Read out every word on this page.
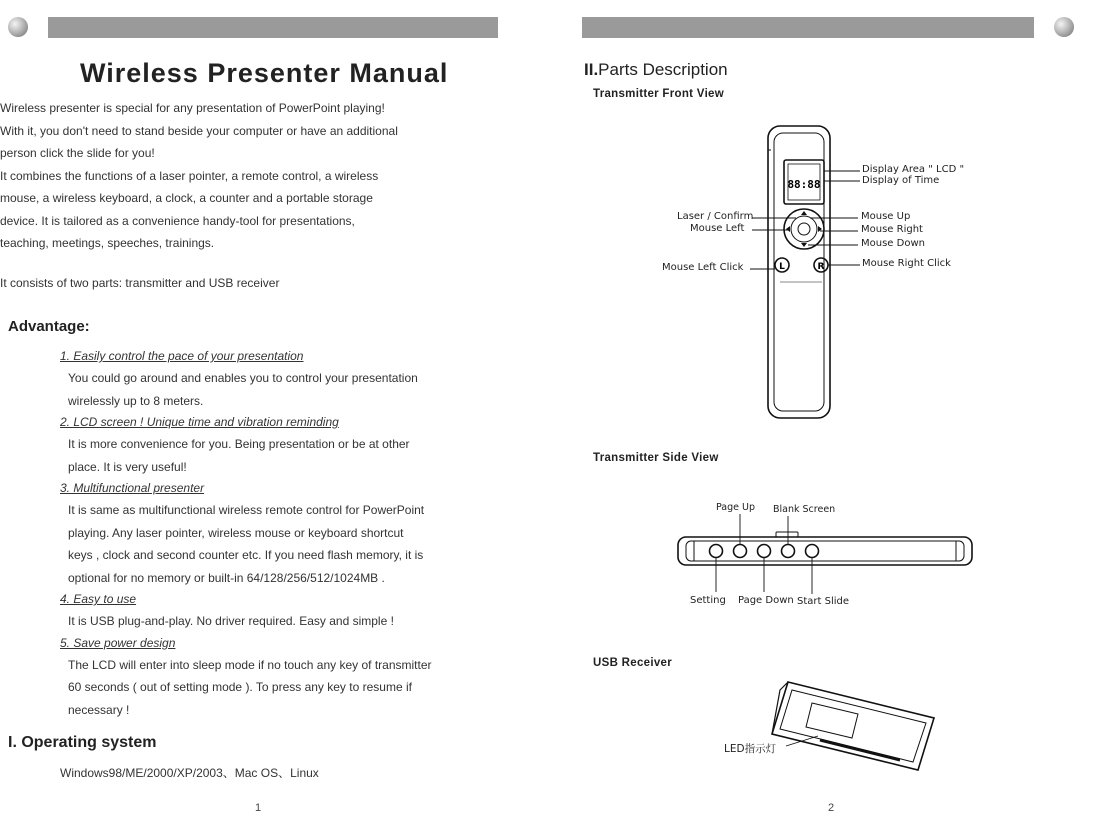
Wireless Presenter Manual
Wireless presenter is special for any presentation of PowerPoint playing!
With it, you don't need to stand beside your computer or have an additional
person click the slide for you!
It combines the functions of a laser pointer, a remote control, a wireless
mouse, a wireless keyboard, a clock, a counter and a portable storage
device. It is tailored as a convenience handy-tool for presentations,
teaching, meetings, speeches, trainings.
It consists of two parts: transmitter and USB receiver
Advantage:
1. Easily control the pace of your presentation
You could go around and enables you to control your presentation
wirelessly up to 8 meters.
2. LCD screen ! Unique time and vibration reminding
It is more convenience for you. Being presentation or be at other
place. It is very useful!
3. Multifunctional presenter
It is same as multifunctional wireless remote control for PowerPoint
playing. Any laser pointer, wireless mouse or keyboard shortcut
keys , clock and second counter etc. If you need flash memory, it is
optional for no memory or built-in 64/128/256/512/1024MB .
4. Easy to use
It is USB plug-and-play. No driver required. Easy and simple !
5. Save power design
The LCD will enter into sleep mode if no touch any key of transmitter
60 seconds ( out of setting mode ). To press any key to resume if
necessary !
I. Operating system
Windows98/ME/2000/XP/2003、Mac OS、Linux
1
II.Parts Description
Transmitter Front View
Transmitter Side View
USB Receiver
88:88
L	R
Display Area " LCD "
Display of Time
Laser / Confirm
Mouse Left
Mouse Up
Mouse Right
Mouse Down
Mouse Left Click	Mouse Right Click
Page Up Blank Screen
Setting Page Down Start Slide
LED指示灯
2
